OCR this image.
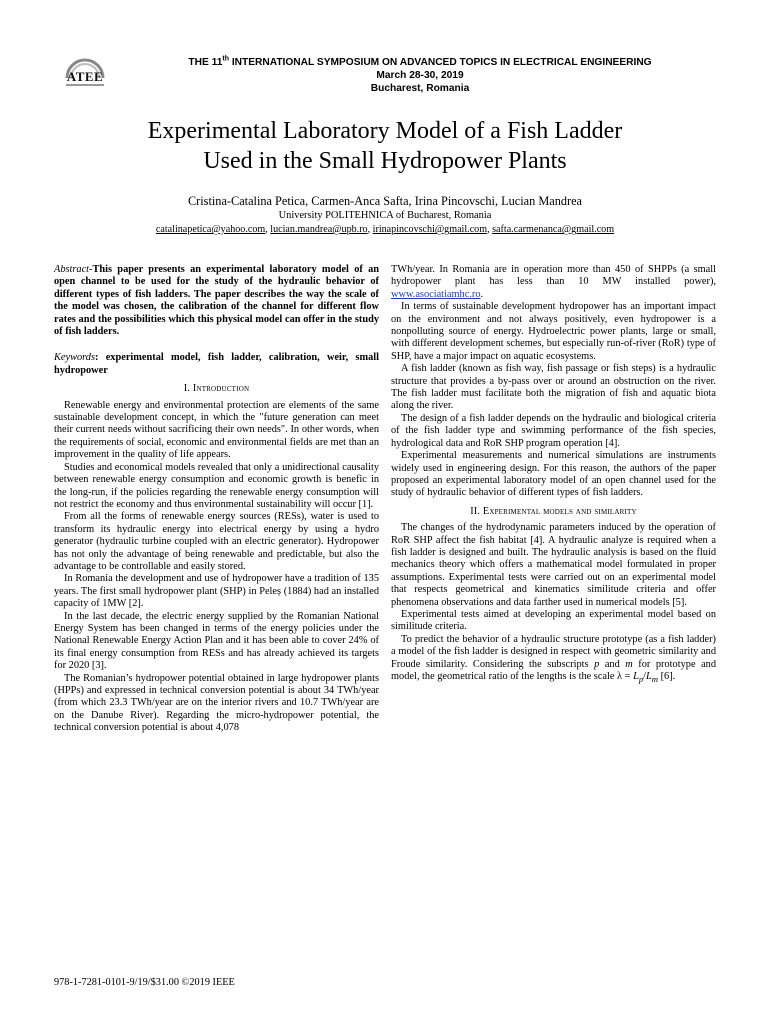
ATEE
THE 11th INTERNATIONAL SYMPOSIUM ON ADVANCED TOPICS IN ELECTRICAL ENGINEERING
March 28-30, 2019
Bucharest, Romania
Experimental Laboratory Model of a Fish Ladder
Used in the Small Hydropower Plants
Cristina-Catalina Petica, Carmen-Anca Safta, Irina Pincovschi, Lucian Mandrea
University POLITEHNICA of Bucharest, Romania
catalinapetica@yahoo.com, lucian.mandrea@upb.ro, irinapincovschi@gmail.com, safta.carmenanca@gmail.com

Abstract-This paper presents an experimental laboratory model of an open channel to be used for the study of the hydraulic behavior of different types of fish ladders. The paper describes the way the scale of the model was chosen, the calibration of the channel for different flow rates and the possibilities which this physical model can offer in the study of fish ladders.

Keywords: experimental model, fish ladder, calibration, weir, small hydropower

I. Introduction

Renewable energy and environmental protection are elements of the same sustainable development concept, in which the "future generation can meet their current needs without sacrificing their own needs". In other words, when the requirements of social, economic and environmental fields are met than an improvement in the quality of life appears.

Studies and economical models revealed that only a unidirectional causality between renewable energy consumption and economic growth is benefic in the long-run, if the policies regarding the renewable energy consumption will not restrict the economy and thus environmental sustainability will occur [1].

From all the forms of renewable energy sources (RESs), water is used to transform its hydraulic energy into electrical energy by using a hydro generator (hydraulic turbine coupled with an electric generator). Hydropower has not only the advantage of being renewable and predictable, but also the advantage to be controllable and easily stored.

In Romania the development and use of hydropower have a tradition of 135 years. The first small hydropower plant (SHP) in Peleș (1884) had an installed capacity of 1MW [2].

In the last decade, the electric energy supplied by the Romanian National Energy System has been changed in terms of the energy policies under the National Renewable Energy Action Plan and it has been able to cover 24% of its final energy consumption from RESs and has already achieved its targets for 2020 [3].

The Romanian’s hydropower potential obtained in large hydropower plants (HPPs) and expressed in technical conversion potential is about 34 TWh/year (from which 23.3 TWh/year are on the interior rivers and 10.7 TWh/year are on the Danube River). Regarding the micro-hydropower potential, the technical conversion potential is about 4,078

TWh/year. In Romania are in operation more than 450 of SHPPs (a small hydropower plant has less than 10 MW installed power), www.asociatiamhc.ro.

In terms of sustainable development hydropower has an important impact on the environment and not always positively, even hydropower is a nonpolluting source of energy. Hydroelectric power plants, large or small, with different development schemes, but especially run-of-river (RoR) type of SHP, have a major impact on aquatic ecosystems.

A fish ladder (known as fish way, fish passage or fish steps) is a hydraulic structure that provides a by-pass over or around an obstruction on the river. The fish ladder must facilitate both the migration of fish and aquatic biota along the river.

The design of a fish ladder depends on the hydraulic and biological criteria of the fish ladder type and swimming performance of the fish species, hydrological data and RoR SHP program operation [4].

Experimental measurements and numerical simulations are instruments widely used in engineering design. For this reason, the authors of the paper proposed an experimental laboratory model of an open channel used for the study of hydraulic behavior of different types of fish ladders.

II. Experimental models and similarity

The changes of the hydrodynamic parameters induced by the operation of RoR SHP affect the fish habitat [4]. A hydraulic analyze is required when a fish ladder is designed and built. The hydraulic analysis is based on the fluid mechanics theory which offers a mathematical model formulated in proper assumptions. Experimental tests were carried out on an experimental model that respects geometrical and kinematics similitude criteria and offer phenomena observations and data farther used in numerical models [5].

Experimental tests aimed at developing an experimental model based on similitude criteria.

To predict the behavior of a hydraulic structure prototype (as a fish ladder) a model of the fish ladder is designed in respect with geometric similarity and Froude similarity. Considering the subscripts p and m for prototype and model, the geometrical ratio of the lengths is the scale $\lambda = L_p/L_m$ [6].

978-1-7281-0101-9/19/$31.00 ©2019 IEEE
